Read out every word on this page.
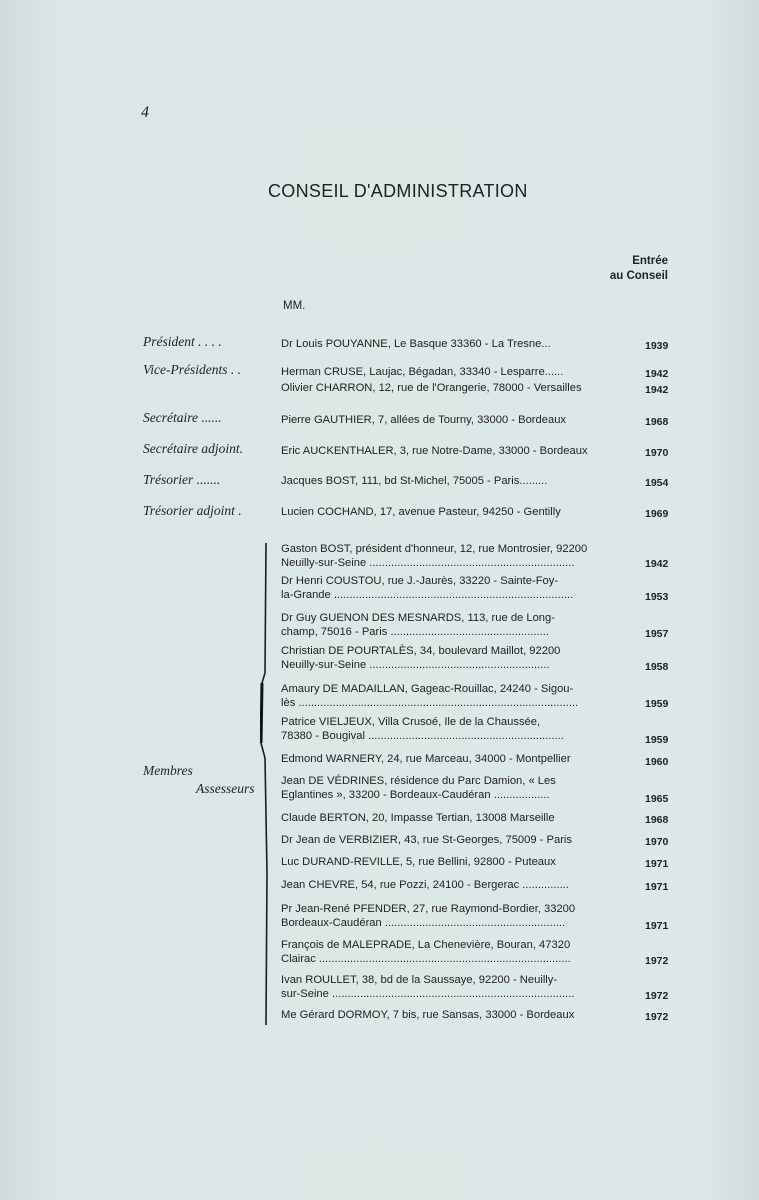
4
CONSEIL D'ADMINISTRATION
Entrée
au Conseil
MM.
Président . . . .	Dr Louis POUYANNE, Le Basque 33360 - La Tresne...	1939
Vice-Présidents . .	Herman CRUSE, Laujac, Bégadan, 33340 - Lesparre......	1942
Olivier CHARRON, 12, rue de l'Orangerie, 78000 - Versailles	1942
Secrétaire ......	Pierre GAUTHIER, 7, allées de Tourny, 33000 - Bordeaux	1968
Secrétaire adjoint.	Eric AUCKENTHALER, 3, rue Notre-Dame, 33000 - Bordeaux	1970
Trésorier .......	Jacques BOST, 111, bd St-Michel, 75005 - Paris.........	1954
Trésorier adjoint .	Lucien COCHAND, 17, avenue Pasteur, 94250 - Gentilly	1969
Membres
Assesseurs
Gaston BOST, président d'honneur, 12, rue Montrosier, 92200
Neuilly-sur-Seine ..................................................................	1942
Dr Henri COUSTOU, rue J.-Jaurès, 33220 - Sainte-Foy-
la-Grande .............................................................................	1953
Dr Guy GUENON DES MESNARDS, 113, rue de Long-
champ, 75016 - Paris ...................................................	1957
Christian DE POURTALÈS, 34, boulevard Maillot, 92200
Neuilly-sur-Seine ..........................................................	1958
Amaury DE MADAILLAN, Gageac-Rouillac, 24240 - Sigou-
lès ..........................................................................................	1959
Patrice VIELJEUX, Villa Crusoé, Ile de la Chaussée,
78380 - Bougival ...............................................................	1959
Edmond WARNERY, 24, rue Marceau, 34000 - Montpellier	1960
Jean DE VÉDRINES, résidence du Parc Damion, « Les
Eglantines », 33200 - Bordeaux-Caudéran ..................	1965
Claude BERTON, 20, Impasse Tertian, 13008 Marseille	1968
Dr Jean de VERBIZIER, 43, rue St-Georges, 75009 - Paris	1970
Luc DURAND-REVILLE, 5, rue Bellini, 92800 - Puteaux	1971
Jean CHEVRE, 54, rue Pozzi, 24100 - Bergerac ...............	1971
Pr Jean-René PFENDER, 27, rue Raymond-Bordier, 33200
Bordeaux-Caudéran ..........................................................	1971
François de MALEPRADE, La Chenevière, Bouran, 47320
Clairac .................................................................................	1972
Ivan ROULLET, 38, bd de la Saussaye, 92200 - Neuilly-
sur-Seine ..............................................................................	1972
Me Gérard DORMOY, 7 bis, rue Sansas, 33000 - Bordeaux	1972
